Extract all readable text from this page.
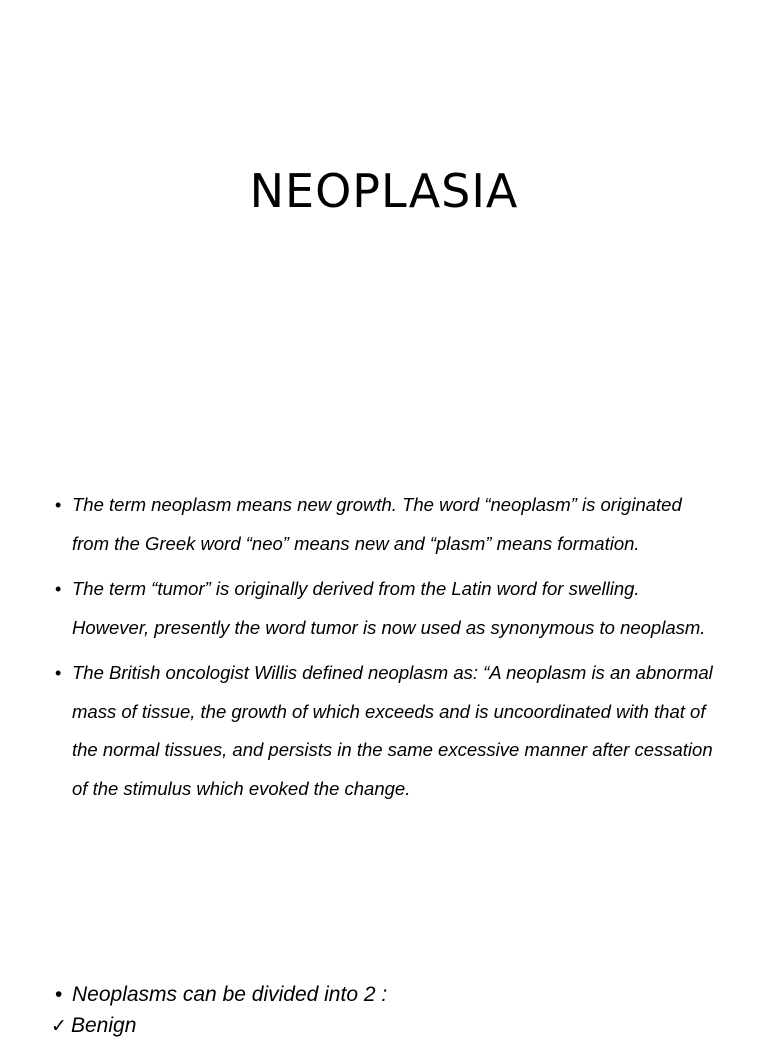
NEOPLASIA
• The term neoplasm means new growth. The word “neoplasm” is originated from the Greek word “neo” means new and “plasm” means formation.
• The term “tumor” is originally derived from the Latin word for swelling. However, presently the word tumor is now used as synonymous to neoplasm.
• The British oncologist Willis defined neoplasm as: “A neoplasm is an abnormal mass of tissue, the growth of which exceeds and is uncoordinated with that of the normal tissues, and persists in the same excessive manner after cessation of the stimulus which evoked the change.
• Neoplasms can be divided into 2 :
✓ Benign
